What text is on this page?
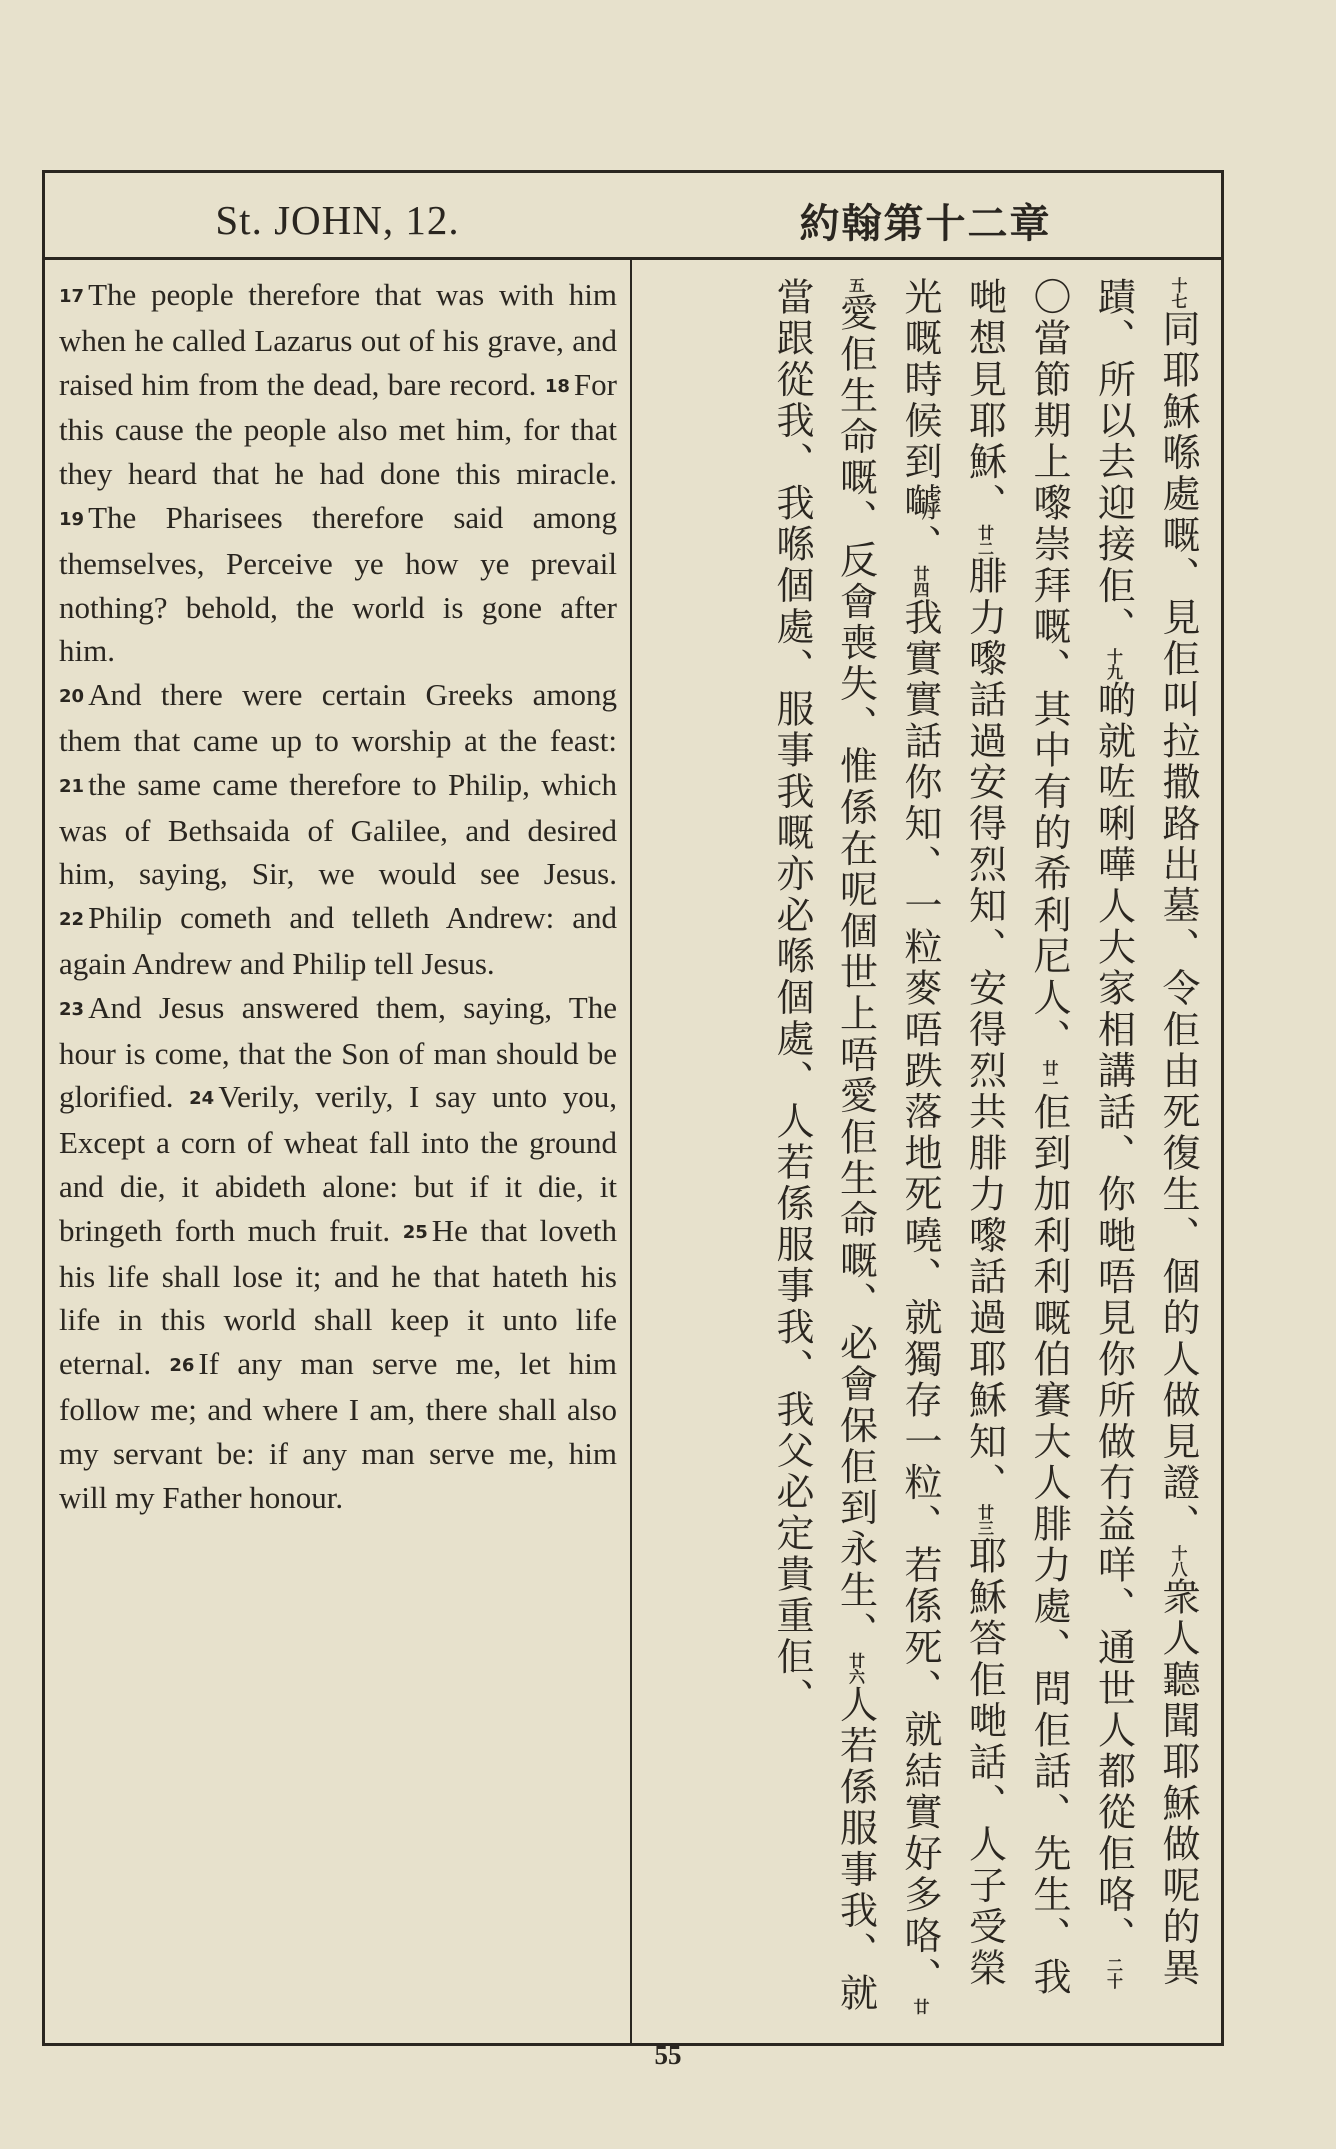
St. JOHN, 12.	約翰第十二章

17 The people therefore that was with him when he called Lazarus out of his grave, and raised him from the dead, bare record. 18 For this cause the people also met him, for that they heard that he had done this miracle. 19 The Pharisees therefore said among themselves, Perceive ye how ye prevail nothing? behold, the world is gone after him.

20 And there were certain Greeks among them that came up to worship at the feast: 21 the same came therefore to Philip, which was of Bethsaida of Galilee, and desired him, saying, Sir, we would see Jesus. 22 Philip cometh and telleth Andrew: and again Andrew and Philip tell Jesus.

23 And Jesus answered them, saying, The hour is come, that the Son of man should be glorified. 24 Verily, verily, I say unto you, Except a corn of wheat fall into the ground and die, it abideth alone: but if it die, it bringeth forth much fruit. 25 He that loveth his life shall lose it; and he that hateth his life in this world shall keep it unto life eternal. 26 If any man serve me, let him follow me; and where I am, there shall also my servant be: if any man serve me, him will my Father honour.

十七同耶穌喺處嘅、見佢叫拉撒路出墓、令佢由死復生、個的人做見證、十八衆人聽聞耶穌做呢的異蹟、所以去迎接佢、十九啲就咗唎嘩人大家相講話、你哋唔見你所做冇益咩、通世人都從佢咯、二十〇當節期上嚟崇拜嘅、其中有的希利尼人、廿一佢到加利利嘅伯賽大人腓力處、問佢話、先生、我哋想見耶穌、廿二腓力嚟話過安得烈知、安得烈共腓力嚟話過耶穌知、廿三耶穌答佢哋話、人子受榮光嘅時候到嚹、廿四我實實話你知、一粒麥唔跌落地死嘵、就獨存一粒、若係死、就結實好多咯、廿五愛佢生命嘅、反會喪失、惟係在呢個世上唔愛佢生命嘅、必會保佢到永生、廿六人若係服事我、就當跟從我、我喺個處、服事我嘅亦必喺個處、人若係服事我、我父必定貴重佢、
55
